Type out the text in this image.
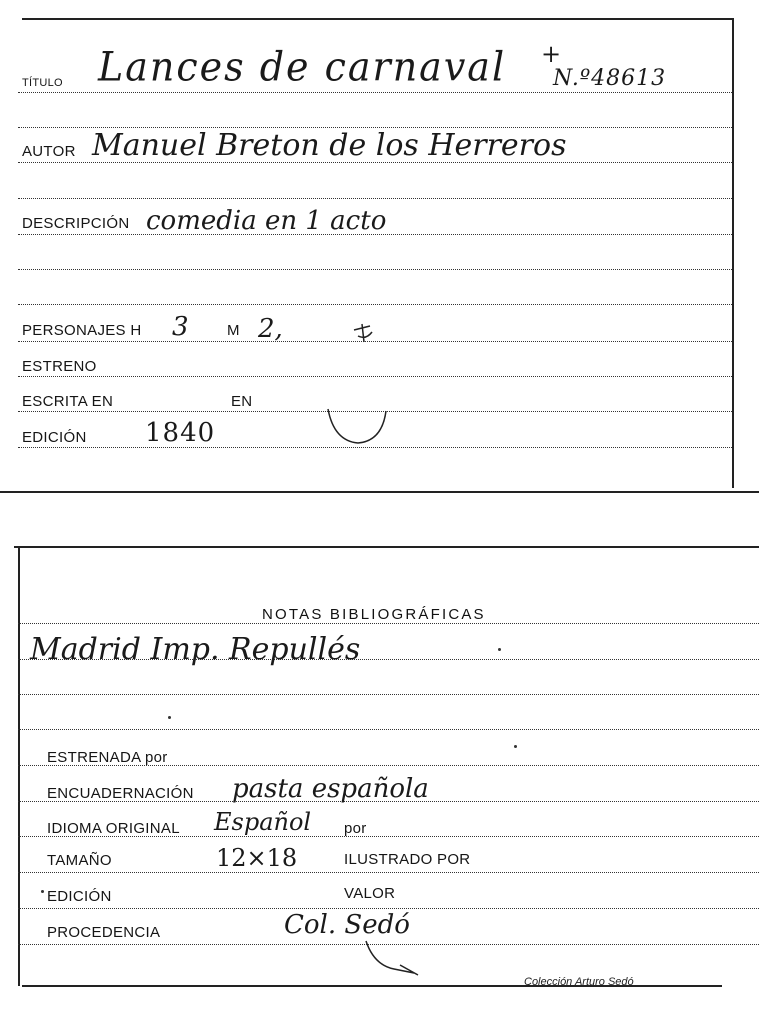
TÍTULO Lances de carnaval +
N.º48613
AUTOR Manuel Breton de los Herreros
DESCRIPCIÓN comedia en 1 acto
PERSONAJES H 3	M 2,
ESTRENO
ESCRITA EN	EN
EDICIÓN 1840
NOTAS BIBLIOGRÁFICAS
Madrid Imp. Repullés
ESTRENADA por
ENCUADERNACIÓN pasta española
IDIOMA ORIGINAL Español por
TAMAÑO	12×18	ILUSTRADO POR
EDICIÓN	VALOR
PROCEDENCIA	Col. Sedó
Colección Arturo Sedó
